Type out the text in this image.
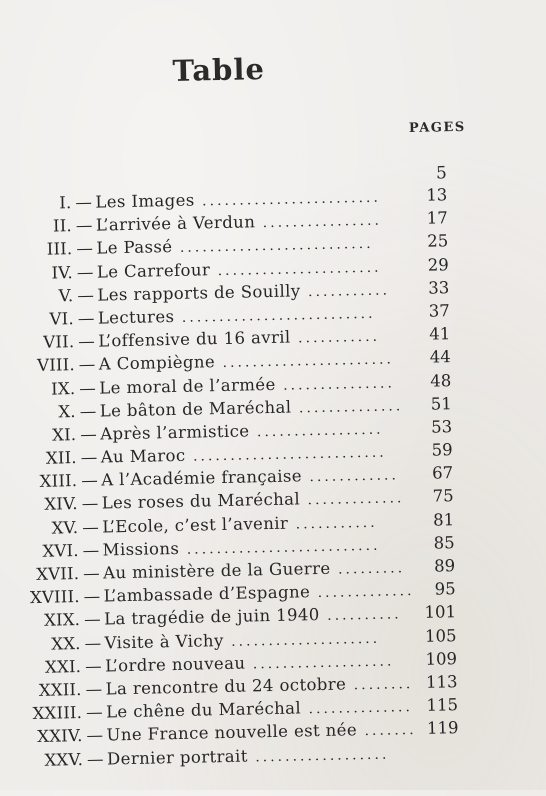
Table
PAGES
5
I. — Les Images ........................	13
II. — L’arrivée à Verdun ................	17
III. — Le Passé ..........................	25
IV. — Le Carrefour ......................	29
V. — Les rapports de Souilly ...........	33
VI. — Lectures ..........................	37
VII. — L’offensive du 16 avril ...........	41
VIII. — A Compiègne .......................	44
IX. — Le moral de l’armée ...............	48
X. — Le bâton de Maréchal ..............	51
XI. — Après l’armistice .................	53
XII. — Au Maroc ..........................	59
XIII. — A l’Académie française ............	67
XIV. — Les roses du Maréchal .............	75
XV. — L’Ecole, c’est l’avenir ...........	81
XVI. — Missions ..........................	85
XVII. — Au ministère de la Guerre .........	89
XVIII. — L’ambassade d’Espagne .............	95
XIX. — La tragédie de juin 1940 ..........	101
XX. — Visite à Vichy ....................	105
XXI. — L’ordre nouveau ...................	109
XXII. — La rencontre du 24 octobre ........ 113
XXIII. — Le chêne du Maréchal .............. 115
XXIV. — Une France nouvelle est née ....... 119
XXV. — Dernier portrait ..................
